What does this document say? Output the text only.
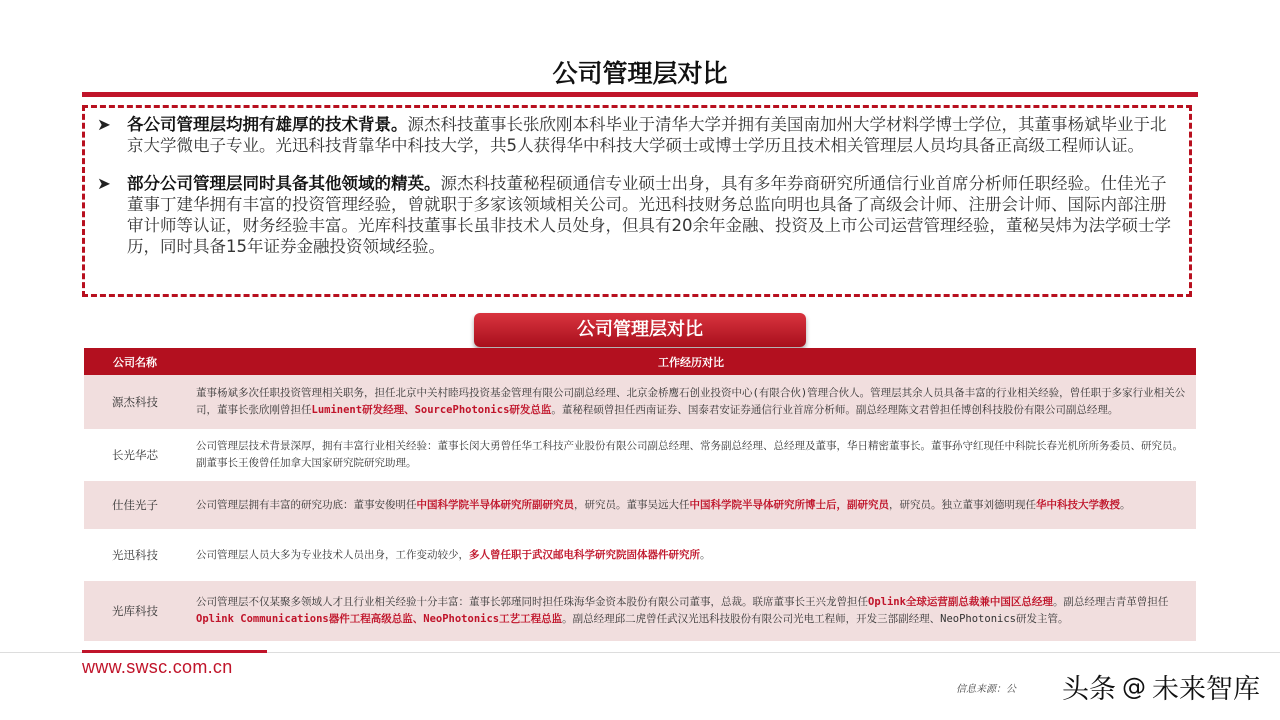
公司管理层对比
➤ 各公司管理层均拥有雄厚的技术背景。源杰科技董事长张欣刚本科毕业于清华大学并拥有美国南加州大学材料学博士学位，其董事杨斌毕业于北京大学微电子专业。光迅科技背靠华中科技大学，共5人获得华中科技大学硕士或博士学历且技术相关管理层人员均具备正高级工程师认证。
➤ 部分公司管理层同时具备其他领域的精英。源杰科技董秘程硕通信专业硕士出身，具有多年券商研究所通信行业首席分析师任职经验。仕佳光子董事丁建华拥有丰富的投资管理经验，曾就职于多家该领域相关公司。光迅科技财务总监向明也具备了高级会计师、注册会计师、国际内部注册审计师等认证，财务经验丰富。光库科技董事长虽非技术人员处身，但具有20余年金融、投资及上市公司运营管理经验，董秘吴炜为法学硕士学历，同时具备15年证券金融投资领域经验。
公司管理层对比
公司名称	工作经历对比
源杰科技	董事杨斌多次任职投资管理相关职务，担任北京中关村睦玛投资基金管理有限公司副总经理、北京金桥鹰石创业投资中心(有限合伙)管理合伙人。管理层其余人员具备丰富的行业相关经验，曾任职于多家行业相关公司，董事长张欣刚曾担任Luminent研发经理、SourcePhotonics研发总监。董秘程硕曾担任西南证券、国泰君安证券通信行业首席分析师。副总经理陈文君曾担任博创科技股份有限公司副总经理。
长光华芯	公司管理层技术背景深厚，拥有丰富行业相关经验：董事长闵大勇曾任华工科技产业股份有限公司副总经理、常务副总经理、总经理及董事，华日精密董事长。董事孙守红现任中科院长春光机所所务委员、研究员。副董事长王俊曾任加拿大国家研究院研究助理。
仕佳光子	公司管理层拥有丰富的研究功底：董事安俊明任中国科学院半导体研究所副研究员，研究员。董事吴远大任中国科学院半导体研究所博士后，副研究员，研究员。独立董事刘德明现任华中科技大学教授。
光迅科技	公司管理层人员大多为专业技术人员出身，工作变动较少，多人曾任职于武汉邮电科学研究院固体器件研究所。
光库科技	公司管理层不仅某聚多领域人才且行业相关经验十分丰富：董事长郭瑾同时担任珠海华金资本股份有限公司董事，总裁。联席董事长王兴龙曾担任Oplink全球运营副总裁兼中国区总经理。副总经理吉青革曾担任Oplink Communications器件工程高级总监、NeoPhotonics工艺工程总监。副总经理邱二虎曾任武汉光迅科技股份有限公司光电工程师，开发三部副经理、NeoPhotonics研发主管。
www.swsc.com.cn
信息来源：公 头条 @ 未来智库
